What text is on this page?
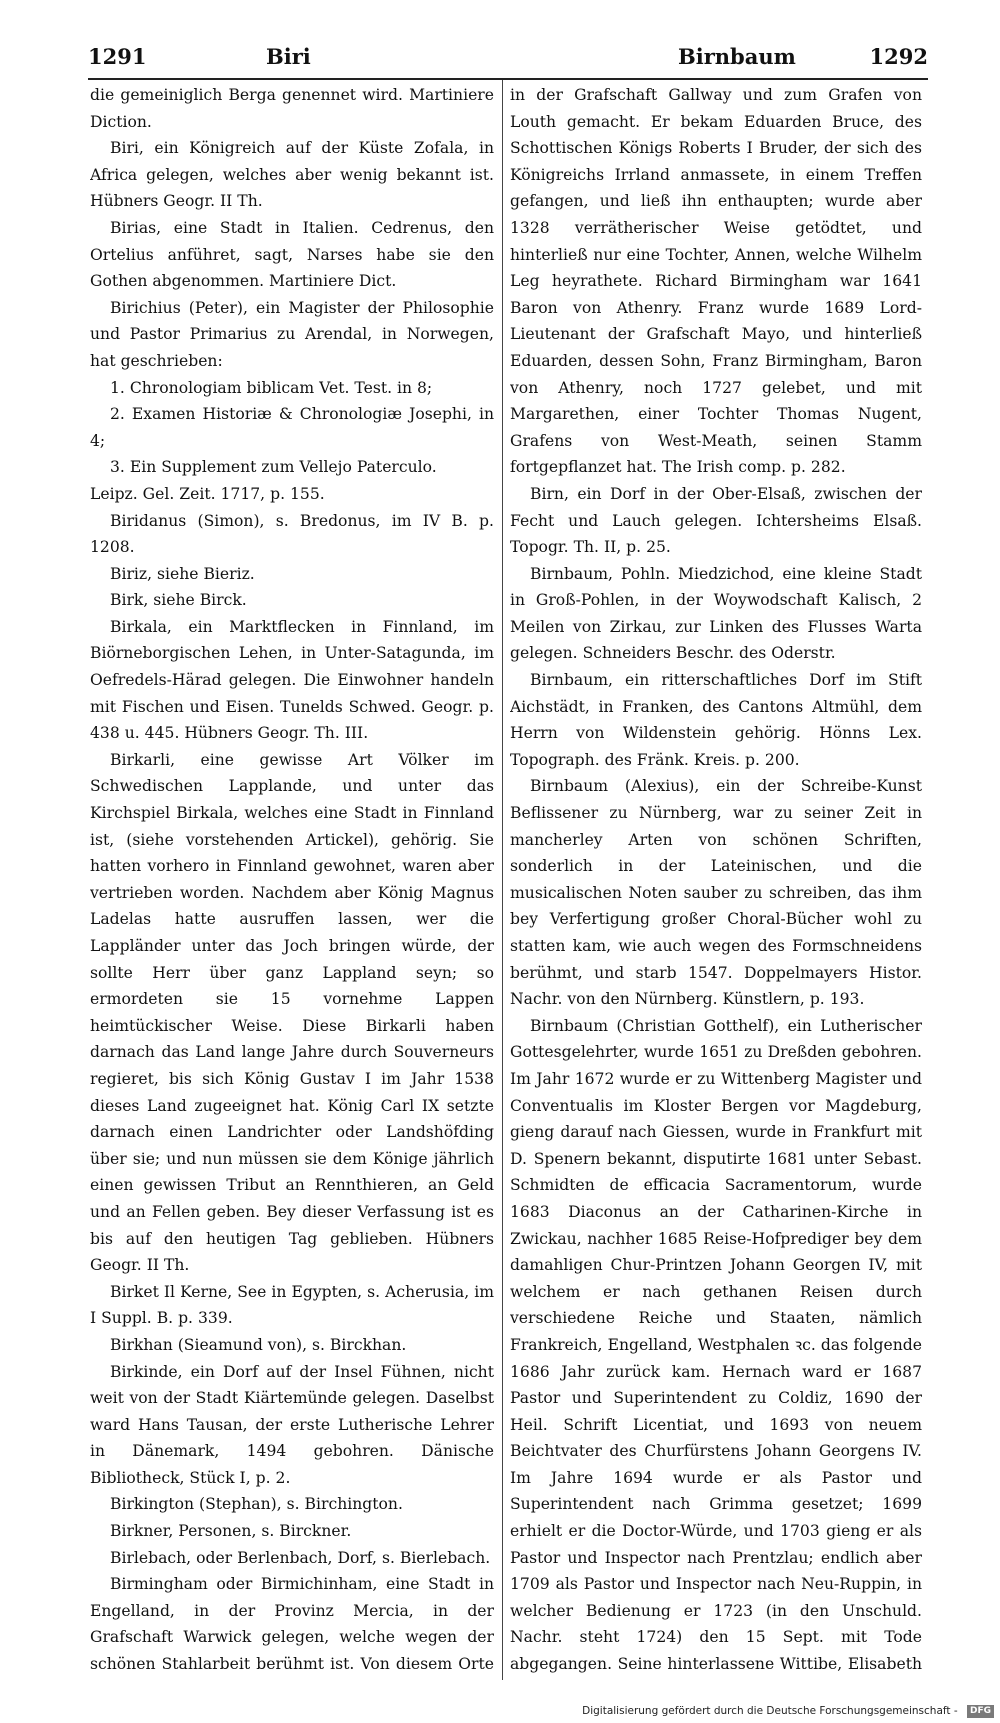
1291	Biri	Birnbaum	1292

die gemeiniglich Berga genennet wird. Martiniere Diction.

Biri, ein Königreich auf der Küste Zofala, in Africa gelegen, welches aber wenig bekannt ist. Hübners Geogr. II Th.

Birias, eine Stadt in Italien. Cedrenus, den Ortelius anführet, sagt, Narses habe sie den Gothen abgenommen. Martiniere Dict.

Birichius (Peter), ein Magister der Philosophie und Pastor Primarius zu Arendal, in Norwegen, hat geschrieben:

1. Chronologiam biblicam Vet. Test. in 8;

2. Examen Historiæ & Chronologiæ Josephi, in 4;

3. Ein Supplement zum Vellejo Paterculo.

Leipz. Gel. Zeit. 1717, p. 155.

Biridanus (Simon), s. Bredonus, im IV B. p. 1208.

Biriz, siehe Bieriz.

Birk, siehe Birck.

Birkala, ein Marktflecken in Finnland, im Biörneborgischen Lehen, in Unter-Satagunda, im Oefredels-Härad gelegen. Die Einwohner handeln mit Fischen und Eisen. Tunelds Schwed. Geogr. p. 438 u. 445. Hübners Geogr. Th. III.

Birkarli, eine gewisse Art Völker im Schwedischen Lapplande, und unter das Kirchspiel Birkala, welches eine Stadt in Finnland ist, (siehe vorstehenden Artickel), gehörig. Sie hatten vorhero in Finnland gewohnet, waren aber vertrieben worden. Nachdem aber König Magnus Ladelas hatte ausruffen lassen, wer die Lappländer unter das Joch bringen würde, der sollte Herr über ganz Lappland seyn; so ermordeten sie 15 vornehme Lappen heimtückischer Weise. Diese Birkarli haben darnach das Land lange Jahre durch Souverneurs regieret, bis sich König Gustav I im Jahr 1538 dieses Land zugeeignet hat. König Carl IX setzte darnach einen Landrichter oder Landshöfding über sie; und nun müssen sie dem Könige jährlich einen gewissen Tribut an Rennthieren, an Geld und an Fellen geben. Bey dieser Verfassung ist es bis auf den heutigen Tag geblieben. Hübners Geogr. II Th.

Birket Il Kerne, See in Egypten, s. Acherusia, im I Suppl. B. p. 339.

Birkhan (Sieamund von), s. Birckhan.

Birkinde, ein Dorf auf der Insel Fühnen, nicht weit von der Stadt Kiärtemünde gelegen. Daselbst ward Hans Tausan, der erste Lutherische Lehrer in Dänemark, 1494 gebohren. Dänische Bibliotheck, Stück I, p. 2.

Birkington (Stephan), s. Birchington.

Birkner, Personen, s. Birckner.

Birlebach, oder Berlenbach, Dorf, s. Bierlebach.

Birmingham oder Birmichinham, eine Stadt in Engelland, in der Provinz Mercia, in der Grafschaft Warwick gelegen, welche wegen der schönen Stahlarbeit berühmt ist. Von diesem Orte

in der Grafschaft Gallway und zum Grafen von Louth gemacht. Er bekam Eduarden Bruce, des Schottischen Königs Roberts I Bruder, der sich des Königreichs Irrland anmassete, in einem Treffen gefangen, und ließ ihn enthaupten; wurde aber 1328 verrätherischer Weise getödtet, und hinterließ nur eine Tochter, Annen, welche Wilhelm Leg heyrathete. Richard Birmingham war 1641 Baron von Athenry. Franz wurde 1689 Lord-Lieutenant der Grafschaft Mayo, und hinterließ Eduarden, dessen Sohn, Franz Birmingham, Baron von Athenry, noch 1727 gelebet, und mit Margarethen, einer Tochter Thomas Nugent, Grafens von West-Meath, seinen Stamm fortgepflanzet hat. The Irish comp. p. 282.

Birn, ein Dorf in der Ober-Elsaß, zwischen der Fecht und Lauch gelegen. Ichtersheims Elsaß. Topogr. Th. II, p. 25.

Birnbaum, Pohln. Miedzichod, eine kleine Stadt in Groß-Pohlen, in der Woywodschaft Kalisch, 2 Meilen von Zirkau, zur Linken des Flusses Warta gelegen. Schneiders Beschr. des Oderstr.

Birnbaum, ein ritterschaftliches Dorf im Stift Aichstädt, in Franken, des Cantons Altmühl, dem Herrn von Wildenstein gehörig. Hönns Lex. Topograph. des Fränk. Kreis. p. 200.

Birnbaum (Alexius), ein der Schreibe-Kunst Beflissener zu Nürnberg, war zu seiner Zeit in mancherley Arten von schönen Schriften, sonderlich in der Lateinischen, und die musicalischen Noten sauber zu schreiben, das ihm bey Verfertigung großer Choral-Bücher wohl zu statten kam, wie auch wegen des Formschneidens berühmt, und starb 1547. Doppelmayers Histor. Nachr. von den Nürnberg. Künstlern, p. 193.

Birnbaum (Christian Gotthelf), ein Lutherischer Gottesgelehrter, wurde 1651 zu Dreßden gebohren. Im Jahr 1672 wurde er zu Wittenberg Magister und Conventualis im Kloster Bergen vor Magdeburg, gieng darauf nach Giessen, wurde in Frankfurt mit D. Spenern bekannt, disputirte 1681 unter Sebast. Schmidten de efficacia Sacramentorum, wurde 1683 Diaconus an der Catharinen-Kirche in Zwickau, nachher 1685 Reise-Hofprediger bey dem damahligen Chur-Printzen Johann Georgen IV, mit welchem er nach gethanen Reisen durch verschiedene Reiche und Staaten, nämlich Frankreich, Engelland, Westphalen ꝛc. das folgende 1686 Jahr zurück kam. Hernach ward er 1687 Pastor und Superintendent zu Coldiz, 1690 der Heil. Schrift Licentiat, und 1693 von neuem Beichtvater des Churfürstens Johann Georgens IV. Im Jahre 1694 wurde er als Pastor und Superintendent nach Grimma gesetzet; 1699 erhielt er die Doctor-Würde, und 1703 gieng er als Pastor und Inspector nach Prentzlau; endlich aber 1709 als Pastor und Inspector nach Neu-Ruppin, in welcher Bedienung er 1723 (in den Unschuld. Nachr. steht 1724) den 15 Sept. mit Tode abgegangen. Seine hinterlassene Wittibe, Elisabeth

Digitalisierung gefördert durch die Deutsche Forschungsgemeinschaft - DFG
